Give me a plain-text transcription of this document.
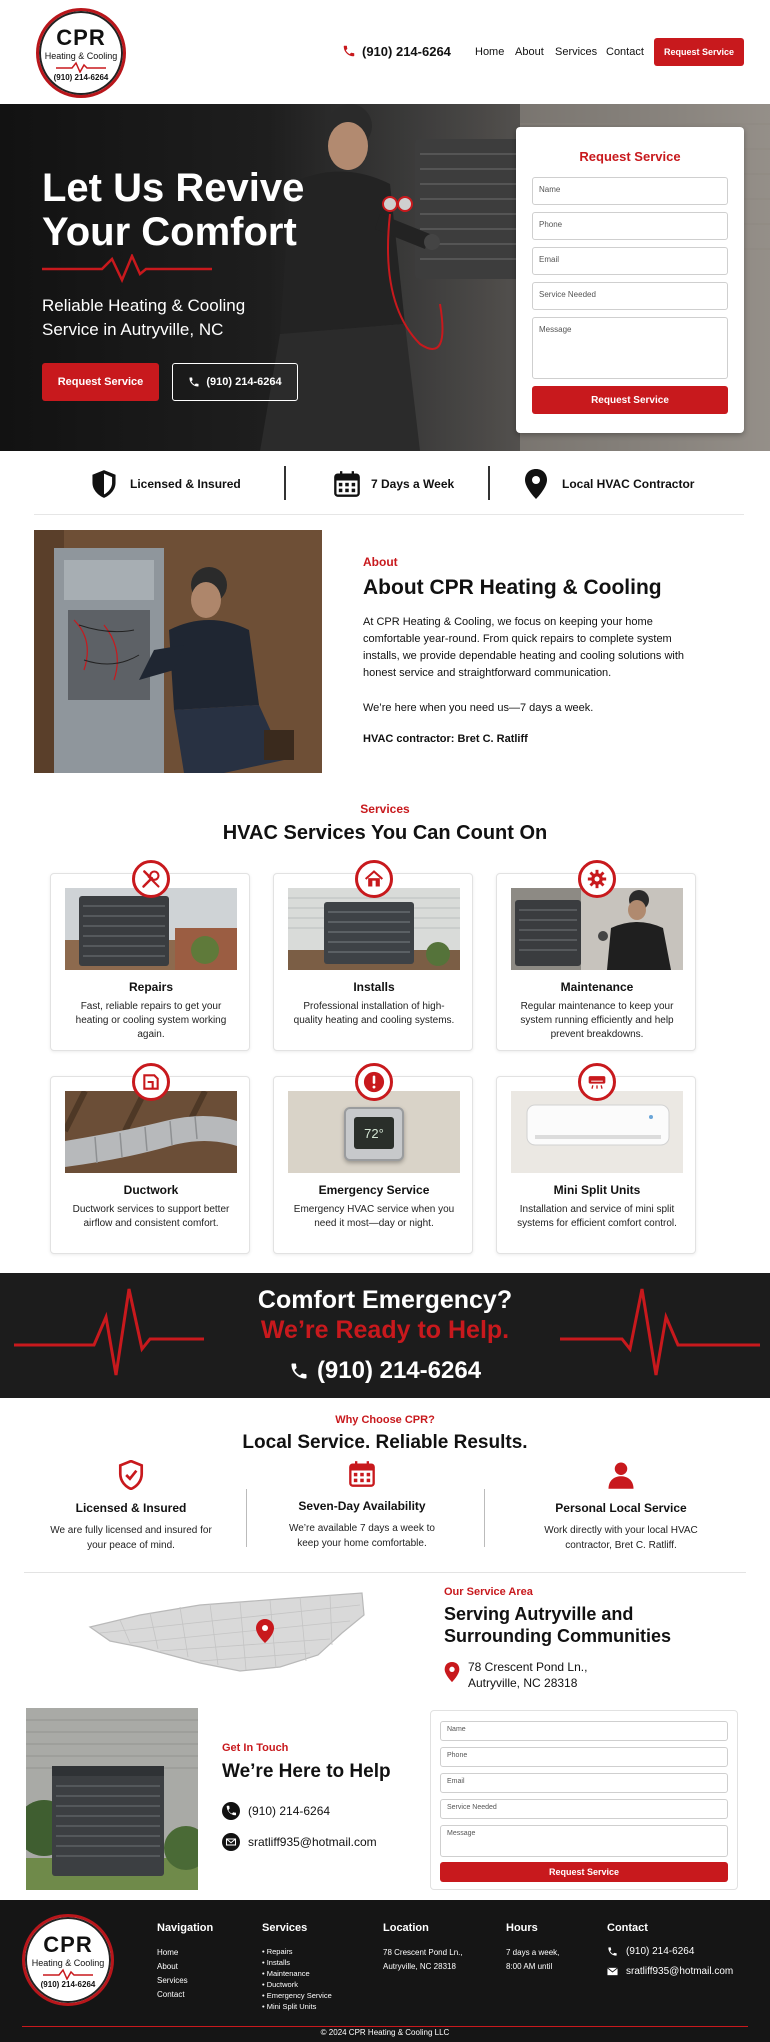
CPR
Heating & Cooling
(910) 214-6264
(910) 214-6264 Home About Services Contact	Request Service
Let Us Revive
Your Comfort
Reliable Heating & Cooling
Service in Autryville, NC
Request Service	(910) 214-6264
Request Service
Name
Phone
Email
Service Needed
Message
Request Service
Licensed & Insured	7 Days a Week	Local HVAC Contractor
About
About CPR Heating & Cooling
At CPR Heating & Cooling, we focus on keeping your home comfortable year-round. From quick repairs to complete system installs, we provide dependable heating and cooling solutions with honest service and straightforward communication.
We’re here when you need us—7 days a week.
HVAC contractor: Bret C. Ratliff
Services
HVAC Services You Can Count On
Repairs
Fast, reliable repairs to get your heating or cooling system working again.
Installs
Professional installation of high-quality heating and cooling systems.
Maintenance
Regular maintenance to keep your system running efficiently and help prevent breakdowns.
Ductwork
Ductwork services to support better airflow and consistent comfort.
72°
Emergency Service
Emergency HVAC service when you need it most—day or night.
Mini Split Units
Installation and service of mini split systems for efficient comfort control.
Comfort Emergency?
We’re Ready to Help.
(910) 214-6264
Why Choose CPR?
Local Service. Reliable Results.
Licensed & Insured
We are fully licensed and insured for your peace of mind.
Seven-Day Availability
We’re available 7 days a week to keep your home comfortable.
Personal Local Service
Work directly with your local HVAC contractor, Bret C. Ratliff.
Our Service Area
Serving Autryville and
Surrounding Communities
78 Crescent Pond Ln.,
Autryville, NC 28318
Get In Touch
We’re Here to Help
(910) 214-6264
sratliff935@hotmail.com
Name
Phone
Email
Service Needed
Message
Request Service
CPR
Heating & Cooling
(910) 214-6264
Navigation
Home
About
Services
Contact
Services
• Repairs
• Installs
• Maintenance
• Ductwork
• Emergency Service
• Mini Split Units
Location
78 Crescent Pond Ln.,
Autryville, NC 28318
Hours
7 days a week,
8:00 AM until
Contact
(910) 214-6264
sratliff935@hotmail.com
© 2024 CPR Heating & Cooling LLC
